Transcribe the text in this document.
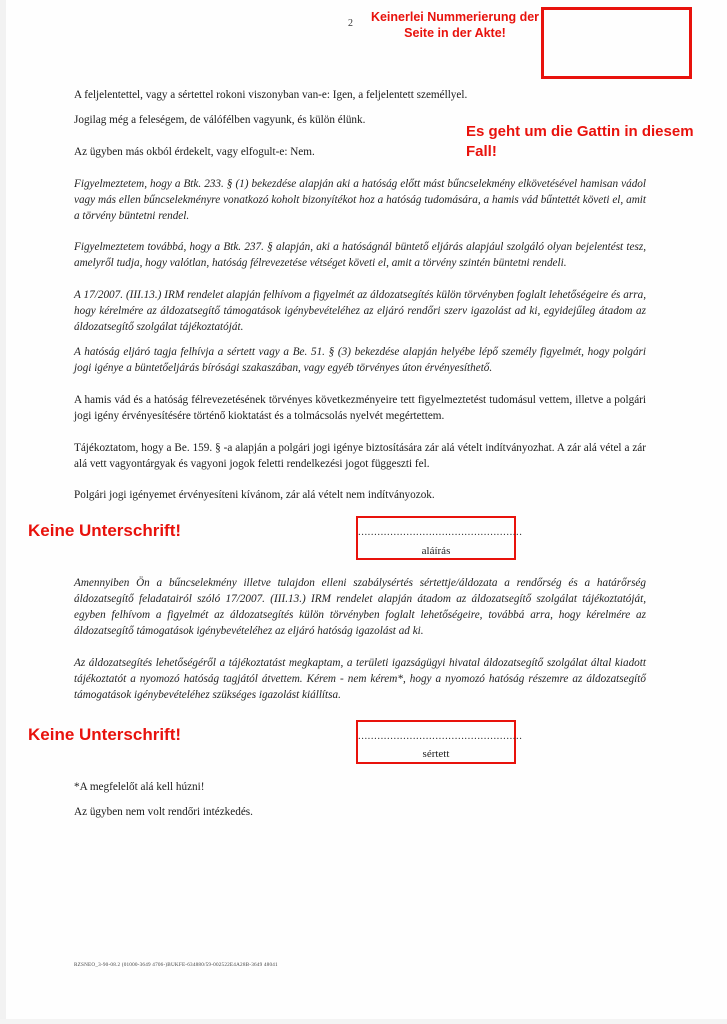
2 Keinerlei Nummerierung der Seite in der Akte!
Es geht um die Gattin in diesem Fall!

A feljelentettel, vagy a sértettel rokoni viszonyban van-e: Igen, a feljelentett személlyel.

Jogilag még a feleségem, de válófélben vagyunk, és külön élünk.

Az ügyben más okból érdekelt, vagy elfogult-e: Nem.

Figyelmeztetem, hogy a Btk. 233. § (1) bekezdése alapján aki a hatóság előtt mást bűncselekmény elkövetésével hamisan vádol vagy más ellen bűncselekményre vonatkozó koholt bizonyítékot hoz a hatóság tudomására, a hamis vád bűntettét követi el, amit a törvény büntetni rendel.

Figyelmeztetem továbbá, hogy a Btk. 237. § alapján, aki a hatóságnál büntető eljárás alapjául szolgáló olyan bejelentést tesz, amelyről tudja, hogy valótlan, hatóság félrevezetése vétséget követi el, amit a törvény szintén büntetni rendeli.

A 17/2007. (III.13.) IRM rendelet alapján felhívom a figyelmét az áldozatsegítés külön törvényben foglalt lehetőségeire és arra, hogy kérelmére az áldozatsegítő támogatások igénybevételéhez az eljáró rendőri szerv igazolást ad ki, egyidejűleg átadom az áldozatsegítő szolgálat tájékoztatóját.

A hatóság eljáró tagja felhívja a sértett vagy a Be. 51. § (3) bekezdése alapján helyébe lépő személy figyelmét, hogy polgári jogi igénye a büntetőeljárás bírósági szakaszában, vagy egyéb törvényes úton érvényesíthető.

A hamis vád és a hatóság félrevezetésének törvényes következményeire tett figyelmeztetést tudomásul vettem, illetve a polgári jogi igény érvényesítésére történő kioktatást és a tolmácsolás nyelvét megértettem.

Tájékoztatom, hogy a Be. 159. § -a alapján a polgári jogi igénye biztosítására zár alá vételt indítványozhat. A zár alá vétel a zár alá vett vagyontárgyak és vagyoni jogok feletti rendelkezési jogot függeszti fel.

Polgári jogi igényemet érvényesíteni kívánom, zár alá vételt nem indítványozok.

Keine Unterschrift!	...................................................
aláírás

Amennyiben Ön a bűncselekmény illetve tulajdon elleni szabálysértés sértettje/áldozata a rendőrség és a határőrség áldozatsegítő feladatairól szóló 17/2007. (III.13.) IRM rendelet alapján átadom az áldozatsegítő szolgálat tájékoztatóját, egyben felhívom a figyelmét az áldozatsegítés külön törvényben foglalt lehetőségeire, továbbá arra, hogy kérelmére az áldozatsegítő támogatások igénybevételéhez az eljáró hatóság igazolást ad ki.

Az áldozatsegítés lehetőségéről a tájékoztatást megkaptam, a területi igazságügyi hivatal áldozatsegítő szolgálat által kiadott tájékoztatót a nyomozó hatóság tagjától átvettem. Kérem - nem kérem*, hogy a nyomozó hatóság részemre az áldozatsegítő támogatások igénybevételéhez szükséges igazolást kiállítsa.

Keine Unterschrift!	...................................................
sértett

*A megfelelőt alá kell húzni!

Az ügyben nem volt rendőri intézkedés.

RZSNEO_3-90-08.2 (01000-3649 4706-)BUKFE-634880/59-002522E4A28B-3649 48041
